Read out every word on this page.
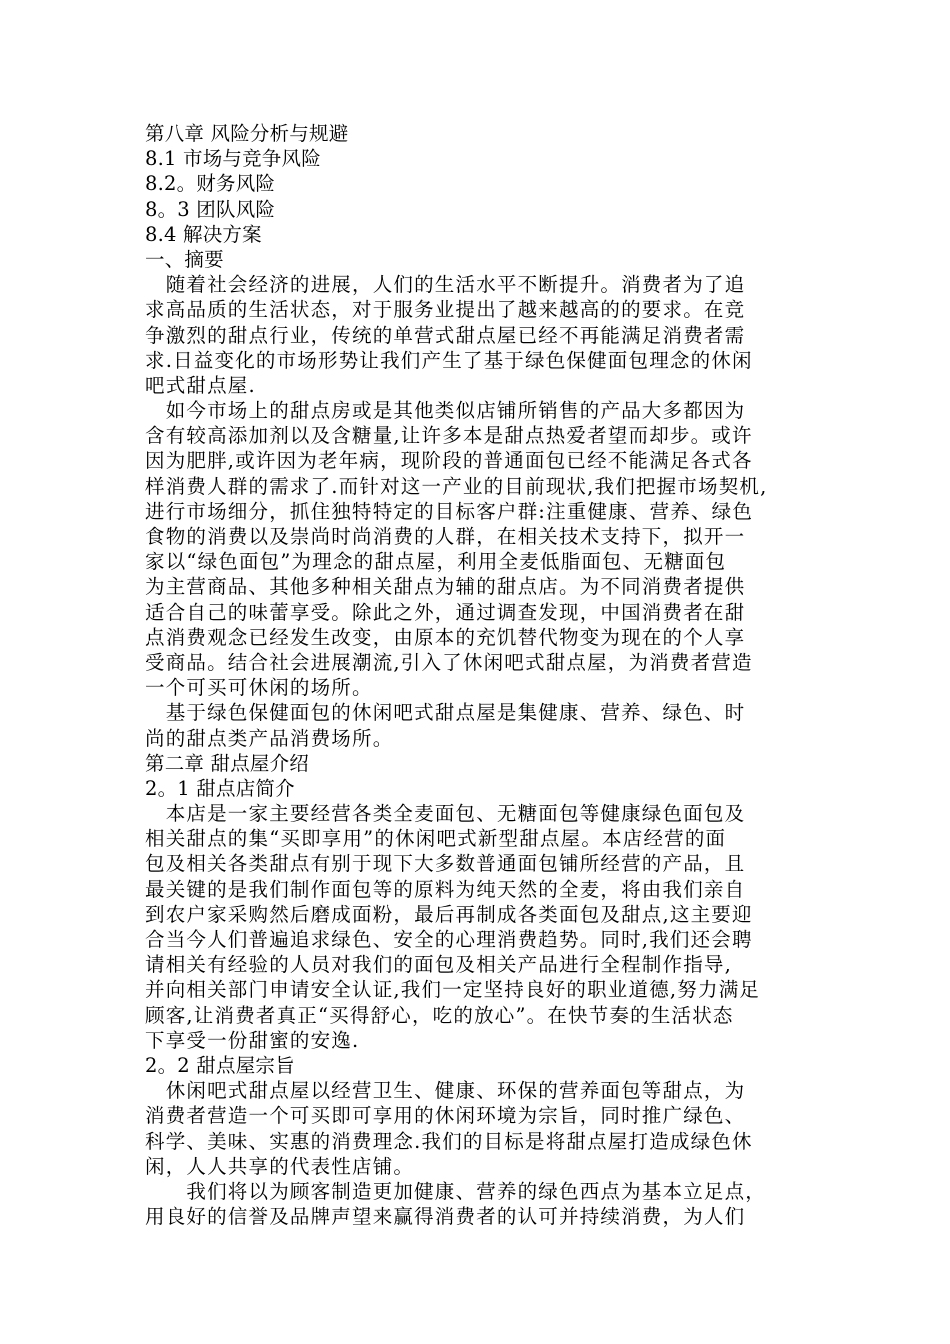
第八章 风险分析与规避
8.1 市场与竞争风险
8.2。财务风险
8。3 团队风险
8.4 解决方案
一、摘要
　随着社会经济的进展，人们的生活水平不断提升。消费者为了追
求高品质的生活状态，对于服务业提出了越来越高的的要求。在竞
争激烈的甜点行业，传统的单营式甜点屋已经不再能满足消费者需
求.日益变化的市场形势让我们产生了基于绿色保健面包理念的休闲
吧式甜点屋.
　如今市场上的甜点房或是其他类似店铺所销售的产品大多都因为
含有较高添加剂以及含糖量,让许多本是甜点热爱者望而却步。或许
因为肥胖,或许因为老年病，现阶段的普通面包已经不能满足各式各
样消费人群的需求了.而针对这一产业的目前现状,我们把握市场契机,
进行市场细分，抓住独特特定的目标客户群:注重健康、营养、绿色
食物的消费以及崇尚时尚消费的人群，在相关技术支持下，拟开一
家以“绿色面包”为理念的甜点屋，利用全麦低脂面包、无糖面包
为主营商品、其他多种相关甜点为辅的甜点店。为不同消费者提供
适合自己的味蕾享受。除此之外，通过调查发现，中国消费者在甜
点消费观念已经发生改变，由原本的充饥替代物变为现在的个人享
受商品。结合社会进展潮流,引入了休闲吧式甜点屋，为消费者营造
一个可买可休闲的场所。
　基于绿色保健面包的休闲吧式甜点屋是集健康、营养、绿色、时
尚的甜点类产品消费场所。
第二章 甜点屋介绍
2。1 甜点店简介
　本店是一家主要经营各类全麦面包、无糖面包等健康绿色面包及
相关甜点的集“买即享用”的休闲吧式新型甜点屋。本店经营的面
包及相关各类甜点有别于现下大多数普通面包铺所经营的产品，且
最关键的是我们制作面包等的原料为纯天然的全麦，将由我们亲自
到农户家采购然后磨成面粉，最后再制成各类面包及甜点,这主要迎
合当今人们普遍追求绿色、安全的心理消费趋势。同时,我们还会聘
请相关有经验的人员对我们的面包及相关产品进行全程制作指导,
并向相关部门申请安全认证,我们一定坚持良好的职业道德,努力满足
顾客,让消费者真正“买得舒心，吃的放心”。在快节奏的生活状态
下享受一份甜蜜的安逸.
2。2 甜点屋宗旨
　休闲吧式甜点屋以经营卫生、健康、环保的营养面包等甜点，为
消费者营造一个可买即可享用的休闲环境为宗旨，同时推广绿色、
科学、美味、实惠的消费理念.我们的目标是将甜点屋打造成绿色休
闲，人人共享的代表性店铺。
　　我们将以为顾客制造更加健康、营养的绿色西点为基本立足点，
用良好的信誉及品牌声望来赢得消费者的认可并持续消费，为人们
